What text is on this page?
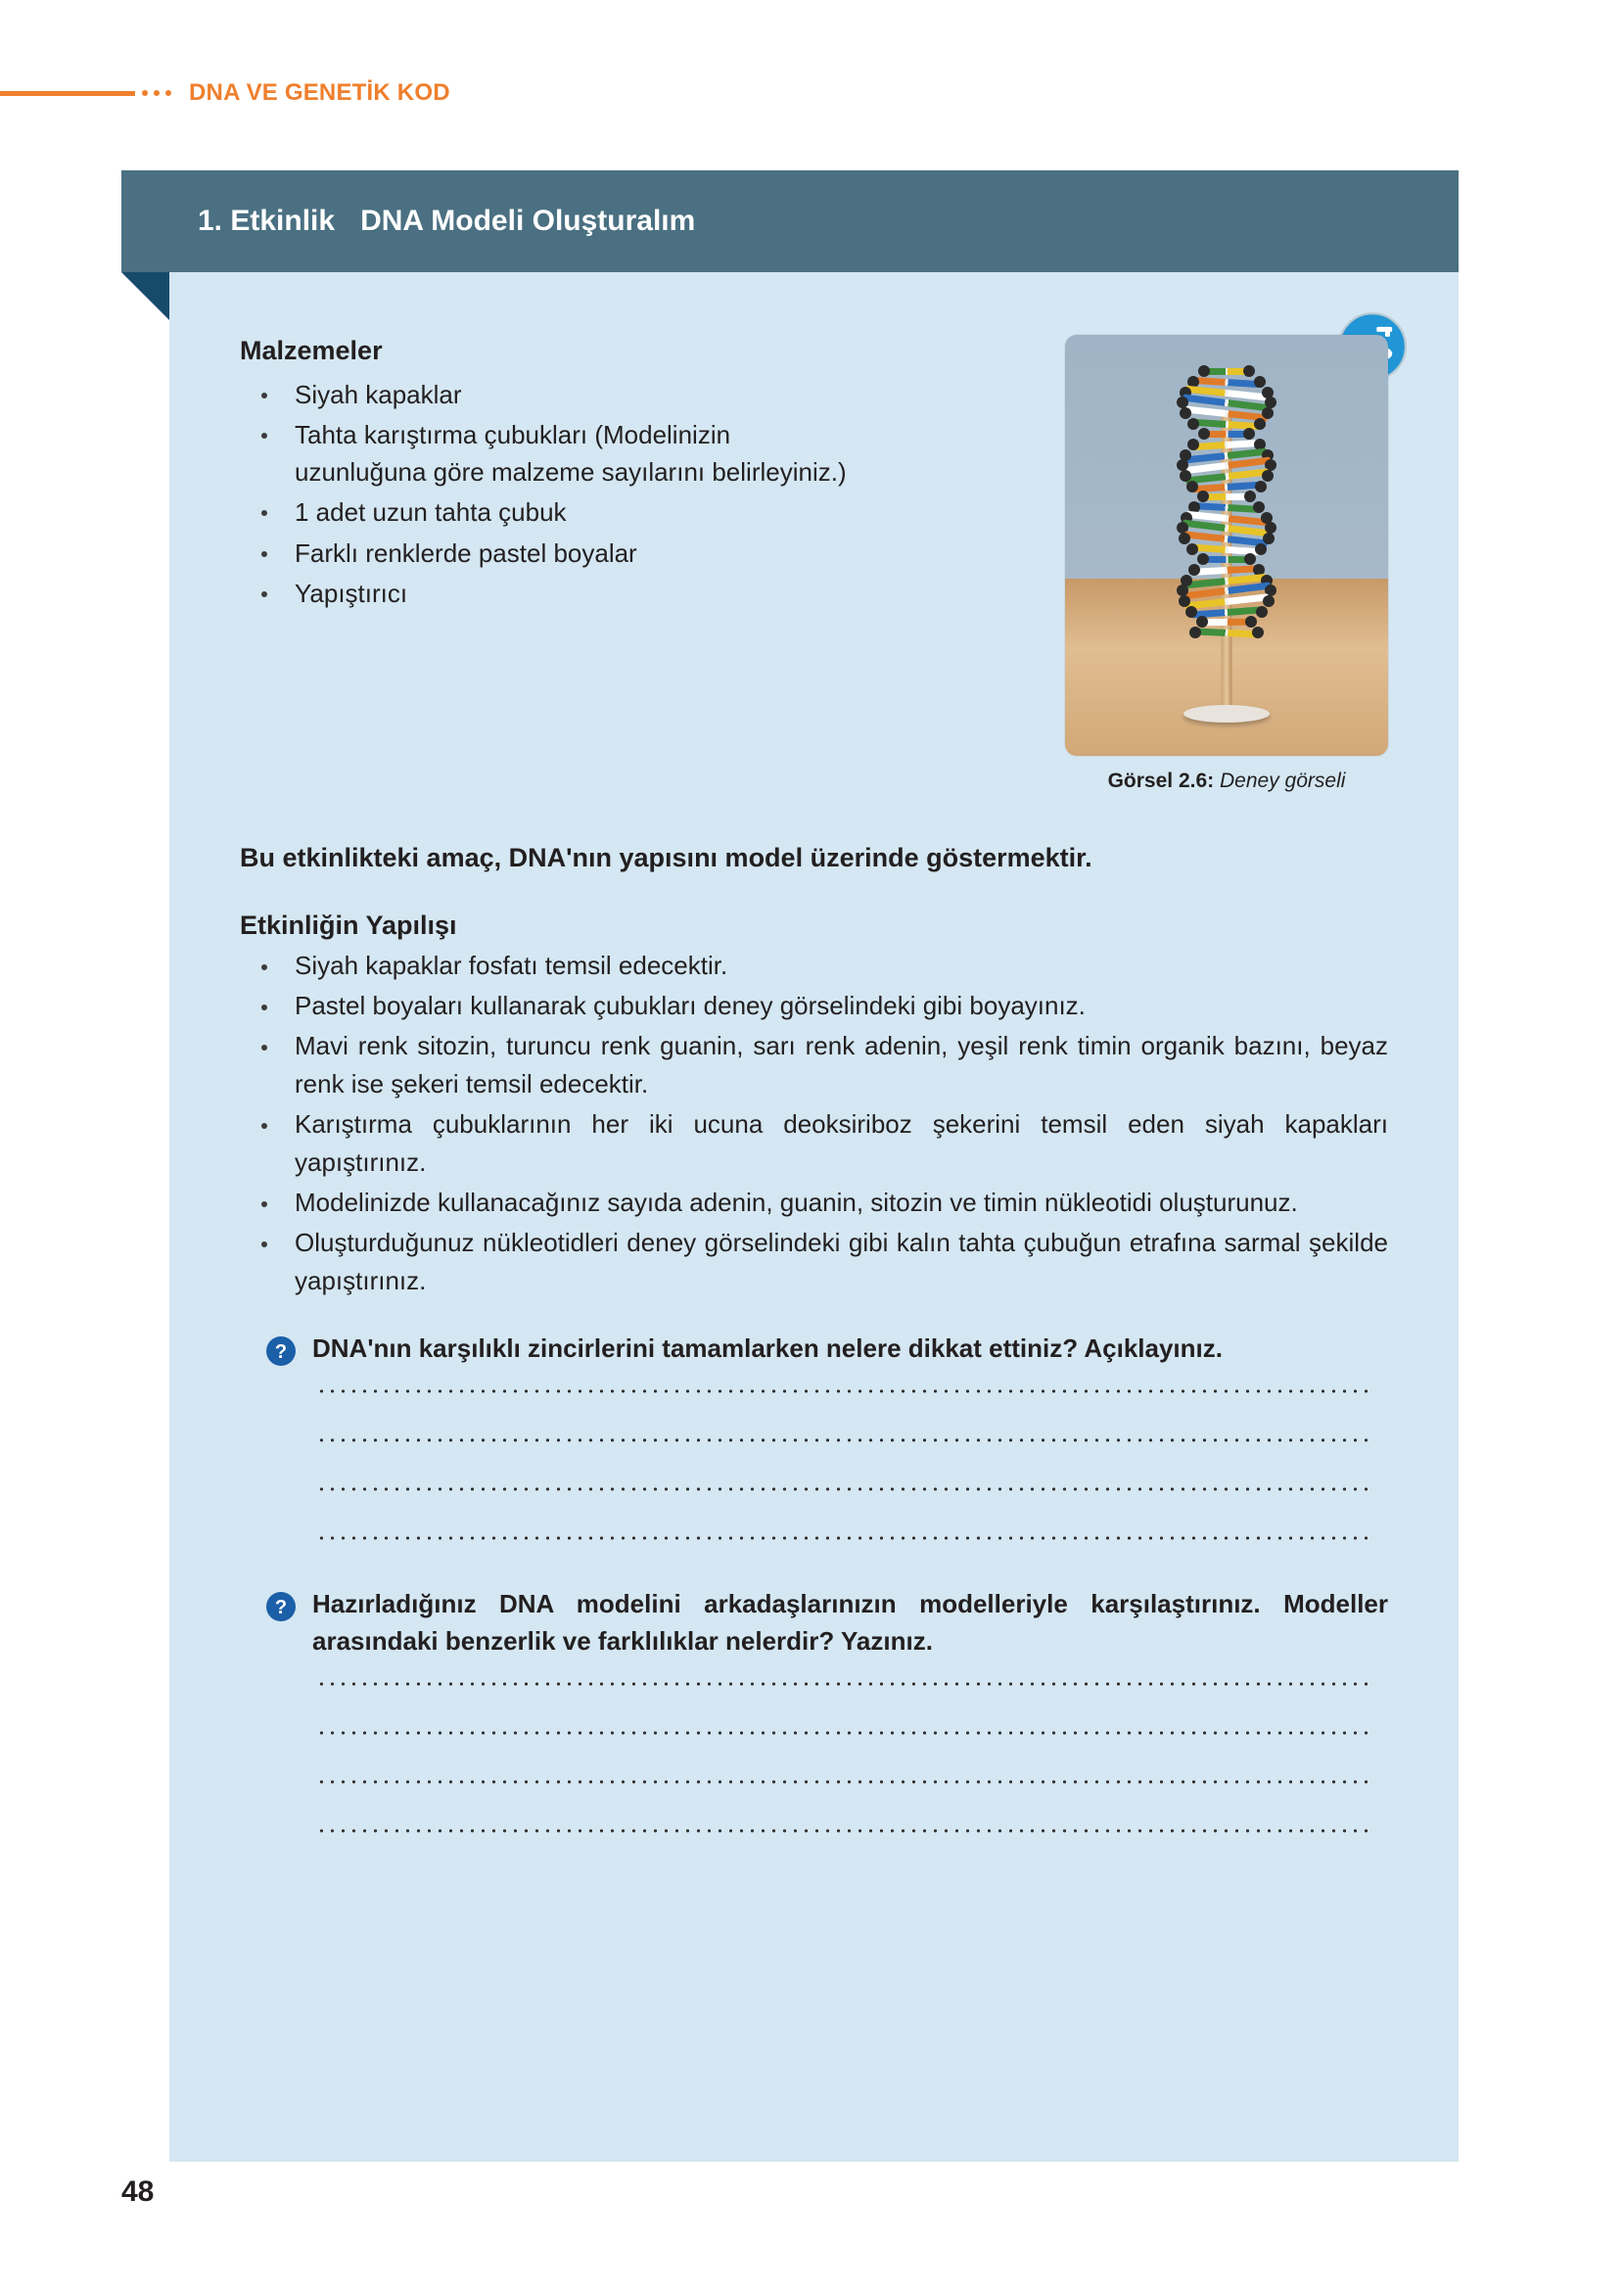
DNA VE GENETİK KOD
1. Etkinlik DNA Modeli Oluşturalım
Malzemeler
Siyah kapaklar
Tahta karıştırma çubukları (Modelinizin uzunluğuna göre malzeme sayılarını belirleyiniz.)
1 adet uzun tahta çubuk
Farklı renklerde pastel boyalar
Yapıştırıcı
Görsel 2.6: Deney görseli

Bu etkinlikteki amaç, DNA'nın yapısını model üzerinde göstermektir.

Etkinliğin Yapılışı
Siyah kapaklar fosfatı temsil edecektir.
Pastel boyaları kullanarak çubukları deney görselindeki gibi boyayınız.
Mavi renk sitozin, turuncu renk guanin, sarı renk adenin, yeşil renk timin organik bazını, beyaz renk ise şekeri temsil edecektir.
Karıştırma çubuklarının her iki ucuna deoksiriboz şekerini temsil eden siyah kapakları yapıştırınız.
Modelinizde kullanacağınız sayıda adenin, guanin, sitozin ve timin nükleotidi oluşturunuz.
Oluşturduğunuz nükleotidleri deney görselindeki gibi kalın tahta çubuğun etrafına sarmal şekilde yapıştırınız.
? DNA'nın karşılıklı zincirlerini tamamlarken nelere dikkat ettiniz? Açıklayınız.
? Hazırladığınız DNA modelini arkadaşlarınızın modelleriyle karşılaştırınız. Modeller arasındaki benzerlik ve farklılıklar nelerdir? Yazınız.
48
